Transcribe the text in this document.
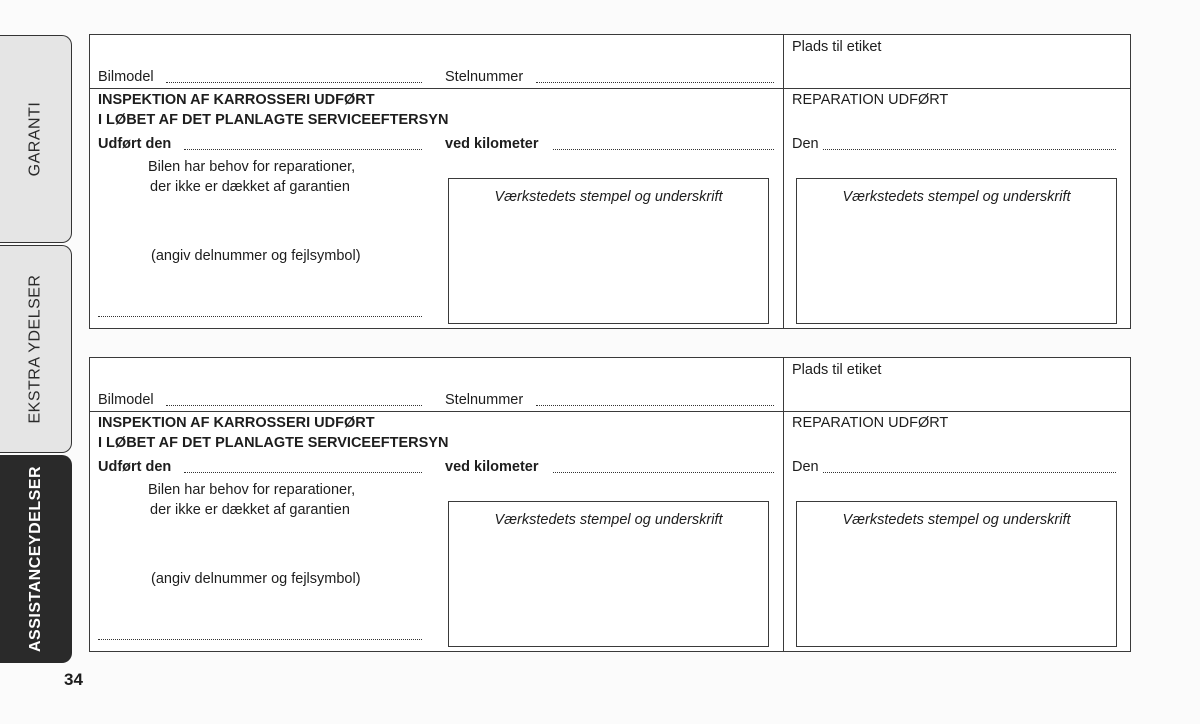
GARANTI
EKSTRA YDELSER
ASSISTANCEYDELSER
34
Plads til etiket
Bilmodel	Stelnummer
INSPEKTION AF KARROSSERI UDFØRT
I LØBET AF DET PLANLAGTE SERVICEEFTERSYN
Udført den	ved kilometer
REPARATION UDFØRT
Den
Bilen har behov for reparationer,
der ikke er dækket af garantien
(angiv delnummer og fejlsymbol)
Værkstedets stempel og underskrift	Værkstedets stempel og underskrift
Plads til etiket
Bilmodel	Stelnummer
INSPEKTION AF KARROSSERI UDFØRT
I LØBET AF DET PLANLAGTE SERVICEEFTERSYN
Udført den	ved kilometer
REPARATION UDFØRT
Den
Bilen har behov for reparationer,
der ikke er dækket af garantien
(angiv delnummer og fejlsymbol)
Værkstedets stempel og underskrift	Værkstedets stempel og underskrift
